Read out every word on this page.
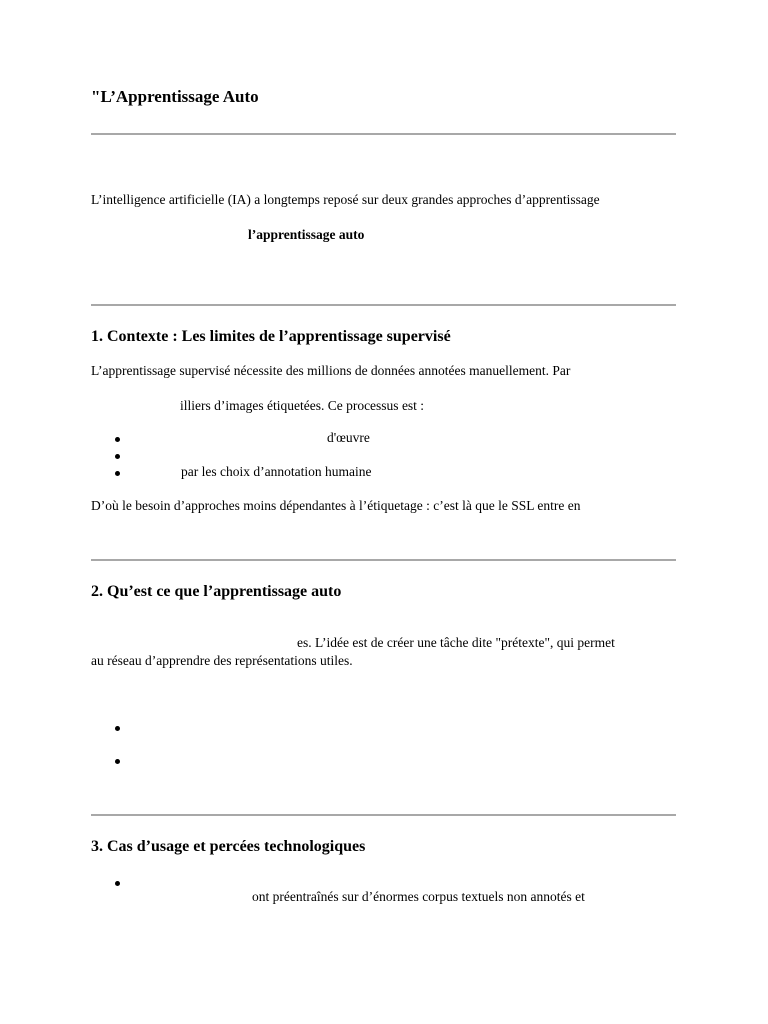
"L’Apprentissage Auto
L’intelligence artificielle (IA) a longtemps reposé sur deux grandes approches d’apprentissage
l’apprentissage auto
1. Contexte : Les limites de l’apprentissage supervisé
L’apprentissage supervisé nécessite des millions de données annotées manuellement. Par
illiers d’images étiquetées. Ce processus est :
d'œuvre
par les choix d’annotation humaine
D’où le besoin d’approches moins dépendantes à l’étiquetage : c’est là que le SSL entre en
2. Qu’est ce que l’apprentissage auto
es. L’idée est de créer une tâche dite "prétexte", qui permet
au réseau d’apprendre des représentations utiles.
3. Cas d’usage et percées technologiques
ont préentraînés sur d’énormes corpus textuels non annotés et
